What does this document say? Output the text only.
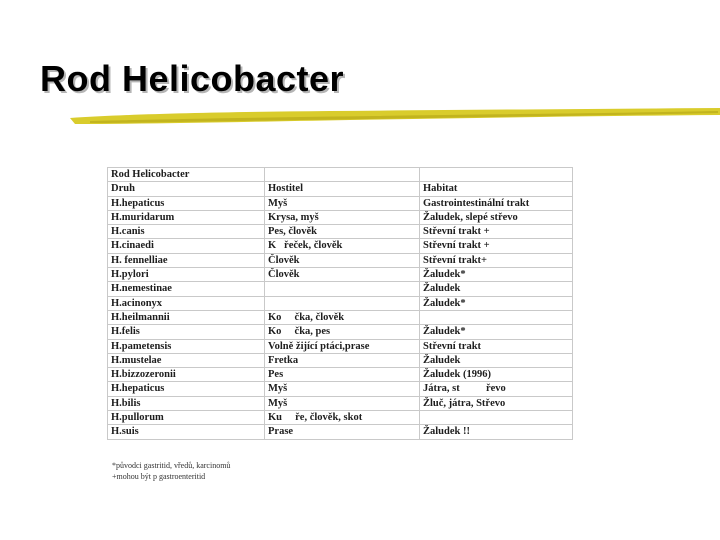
Rod Helicobacter
Rod Helicobacter		
Druh	Hostitel	Habitat
H.hepaticus	Myš	Gastrointestinální trakt
H.muridarum	Krysa, myš	Žaludek, slepé střevo
H.canis	Pes, člověk	Střevní trakt +
H.cinaedi	K   řeček, člověk	Střevní trakt +
H. fennelliae	Člověk	Střevní trakt+
H.pylori	Člověk	Žaludek*
H.nemestinae		Žaludek
H.acinonyx		Žaludek*
H.heilmannii	Ko     čka, člověk	
H.felis	Ko     čka, pes	Žaludek*
H.pametensis	Volně žijící ptáci,prase	Střevní trakt
H.mustelae	Fretka	Žaludek
H.bizzozeronii	Pes	Žaludek (1996)
H.hepaticus	Myš	Játra, st          řevo
H.bilis	Myš	Žluč, játra, Střevo
H.pullorum	Ku     ře, člověk, skot	
H.suis	Prase	Žaludek !!
*původci gastritid, vředů, karcinomů
+mohou být p gastroenteritid
